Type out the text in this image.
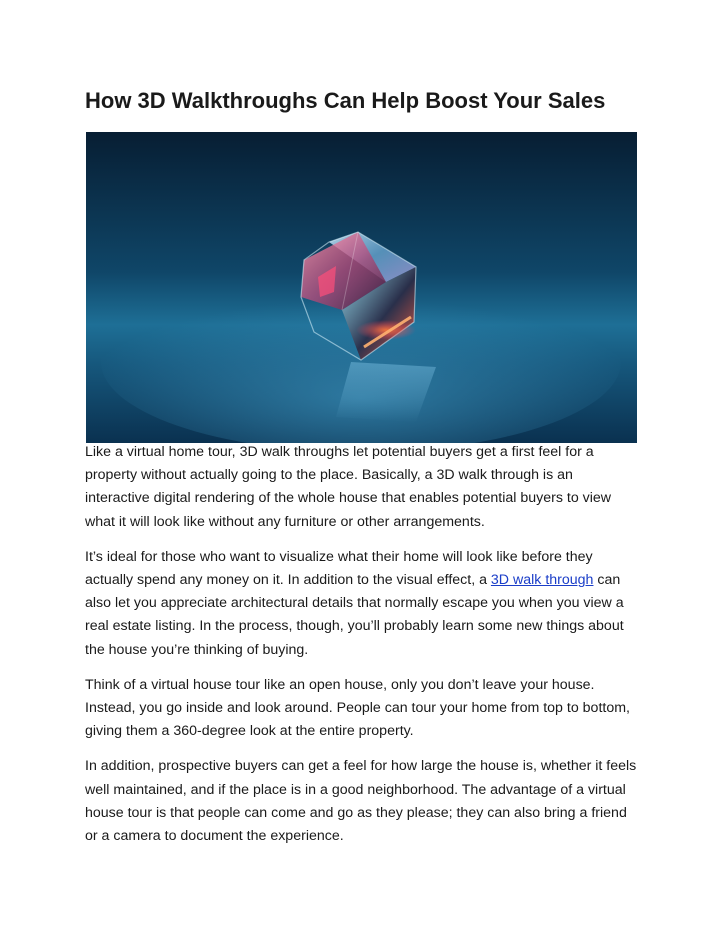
How 3D Walkthroughs Can Help Boost Your Sales

Like a virtual home tour, 3D walk throughs let potential buyers get a first feel for a property without actually going to the place. Basically, a 3D walk through is an interactive digital rendering of the whole house that enables potential buyers to view what it will look like without any furniture or other arrangements.

It’s ideal for those who want to visualize what their home will look like before they actually spend any money on it. In addition to the visual effect, a 3D walk through can also let you appreciate architectural details that normally escape you when you view a real estate listing. In the process, though, you’ll probably learn some new things about the house you’re thinking of buying.

Think of a virtual house tour like an open house, only you don’t leave your house. Instead, you go inside and look around. People can tour your home from top to bottom, giving them a 360-degree look at the entire property.

In addition, prospective buyers can get a feel for how large the house is, whether it feels well maintained, and if the place is in a good neighborhood. The advantage of a virtual house tour is that people can come and go as they please; they can also bring a friend or a camera to document the experience.
